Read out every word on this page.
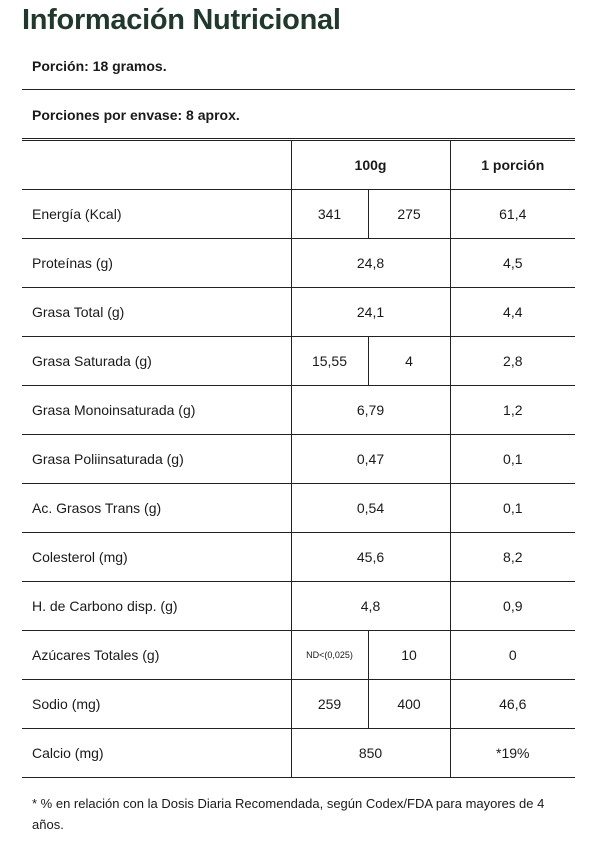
Información Nutricional
Porción: 18 gramos.
Porciones por envase: 8 aprox.
	100g		1 porción
Energía (Kcal)	341	275	61,4
Proteínas (g)	24,8		4,5
Grasa Total (g)	24,1		4,4
Grasa Saturada (g)	15,55	4	2,8
Grasa Monoinsaturada (g)	6,79		1,2
Grasa Poliinsaturada (g)	0,47		0,1
Ac. Grasos Trans (g)	0,54		0,1
Colesterol (mg)	45,6		8,2
H. de Carbono disp. (g)	4,8		0,9
Azúcares Totales (g)	ND<(0,025)	10	0
Sodio (mg)	259	400	46,6
Calcio (mg)	850		*19%

* % en relación con la Dosis Diaria Recomendada, según Codex/FDA para mayores de 4 años.
